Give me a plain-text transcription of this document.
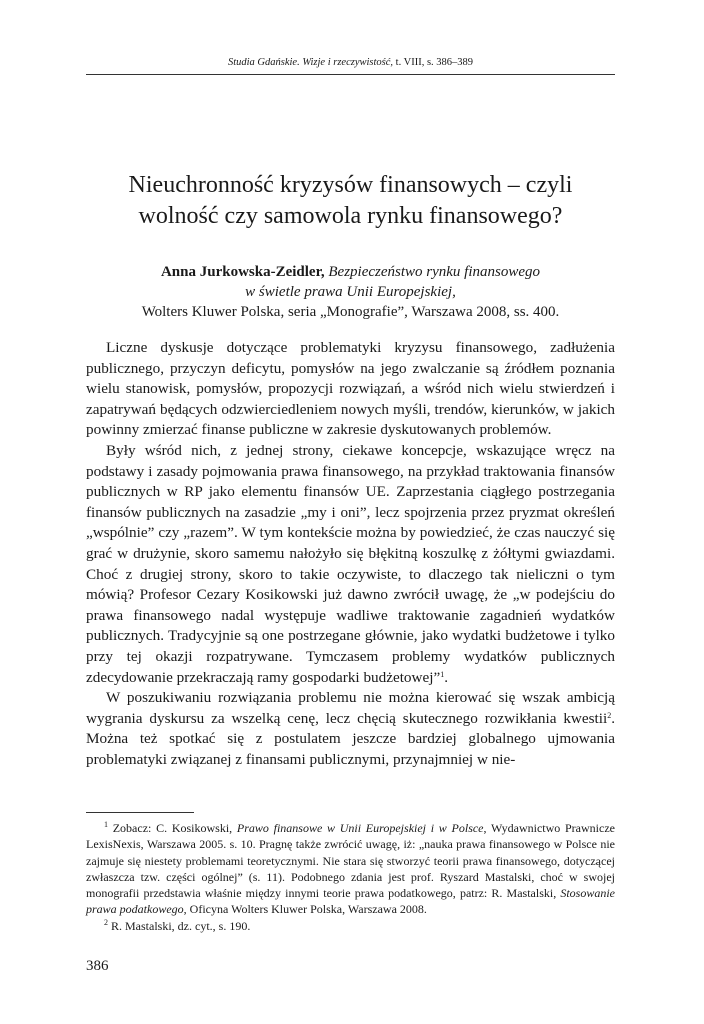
Studia Gdańskie. Wizje i rzeczywistość, t. VIII, s. 386–389
Nieuchronność kryzysów finansowych – czyli
wolność czy samowola rynku finansowego?
Anna Jurkowska-Zeidler, Bezpieczeństwo rynku finansowego
w świetle prawa Unii Europejskiej,
Wolters Kluwer Polska, seria „Monografie”, Warszawa 2008, ss. 400.

Liczne dyskusje dotyczące problematyki kryzysu finansowego, zadłużenia publicznego, przyczyn deficytu, pomysłów na jego zwalczanie są źródłem poznania wielu stanowisk, pomysłów, propozycji rozwiązań, a wśród nich wielu stwierdzeń i zapatrywań będących odzwierciedleniem nowych myśli, trendów, kierunków, w jakich powinny zmierzać finanse publiczne w zakresie dyskutowanych problemów.

Były wśród nich, z jednej strony, ciekawe koncepcje, wskazujące wręcz na podstawy i zasady pojmowania prawa finansowego, na przykład traktowania finansów publicznych w RP jako elementu finansów UE. Zaprzestania ciągłego postrzegania finansów publicznych na zasadzie „my i oni”, lecz spojrzenia przez pryzmat określeń „wspólnie” czy „razem”. W tym kontekście można by powiedzieć, że czas nauczyć się grać w drużynie, skoro samemu nałożyło się błękitną koszulkę z żółtymi gwiazdami. Choć z drugiej strony, skoro to takie oczywiste, to dlaczego tak nieliczni o tym mówią? Profesor Cezary Kosikowski już dawno zwrócił uwagę, że „w podejściu do prawa finansowego nadal występuje wadliwe traktowanie zagadnień wydatków publicznych. Tradycyjnie są one postrzegane głównie, jako wydatki budżetowe i tylko przy tej okazji rozpatrywane. Tymczasem problemy wydatków publicznych zdecydowanie przekraczają ramy gospodarki budżetowej”$^1$.

W poszukiwaniu rozwiązania problemu nie można kierować się wszak ambicją wygrania dyskursu za wszelką cenę, lecz chęcią skutecznego rozwikłania kwestii$^2$. Można też spotkać się z postulatem jeszcze bardziej globalnego ujmowania problematyki związanej z finansami publicznymi, przynajmniej w nie-

$^1$ Zobacz: C. Kosikowski, Prawo finansowe w Unii Europejskiej i w Polsce, Wydawnictwo Prawnicze LexisNexis, Warszawa 2005. s. 10. Pragnę także zwrócić uwagę, iż: „nauka prawa finansowego w Polsce nie zajmuje się niestety problemami teoretycznymi. Nie stara się stworzyć teorii prawa finansowego, dotyczącej zwłaszcza tzw. części ogólnej” (s. 11). Podobnego zdania jest prof. Ryszard Mastalski, choć w swojej monografii przedstawia właśnie między innymi teorie prawa podatkowego, patrz: R. Mastalski, Stosowanie prawa podatkowego, Oficyna Wolters Kluwer Polska, Warszawa 2008.

$^2$ R. Mastalski, dz. cyt., s. 190.

386
